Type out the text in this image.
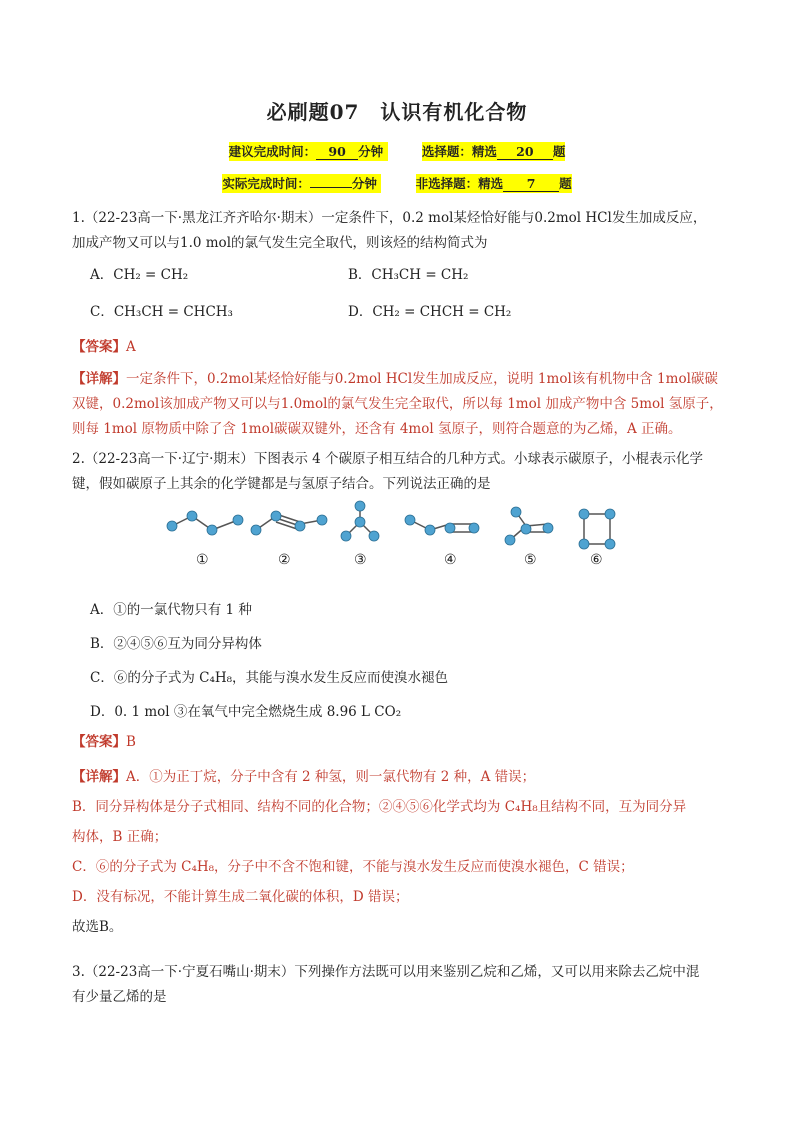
必刷题07　认识有机化合物
建议完成时间： 90 分钟	选择题：精选 20 题
实际完成时间：	分钟	非选择题：精选 7 题
1.（22-23高一下·黑龙江齐齐哈尔·期末）一定条件下，0.2 mol某烃恰好能与0.2mol HCl发生加成反应，
加成产物又可以与1.0 mol的氯气发生完全取代，则该烃的结构简式为
A．CH₂ = CH₂	B．CH₃CH = CH₂
C．CH₃CH = CHCH₃	D．CH₂ = CHCH = CH₂
【答案】A
【详解】一定条件下，0.2mol某烃恰好能与0.2mol HCl发生加成反应，说明 1mol该有机物中含 1mol碳碳
双键，0.2mol该加成产物又可以与1.0mol的氯气发生完全取代，所以每 1mol 加成产物中含 5mol 氢原子，
则每 1mol 原物质中除了含 1mol碳碳双键外，还含有 4mol 氢原子，则符合题意的为乙烯，A 正确。
2.（22-23高一下·辽宁·期末）下图表示 4 个碳原子相互结合的几种方式。小球表示碳原子，小棍表示化学
键，假如碳原子上其余的化学键都是与氢原子结合。下列说法正确的是
①	②	③	④	⑤	⑥
A．①的一氯代物只有 1 种
B．②④⑤⑥互为同分异构体
C．⑥的分子式为 C₄H₈，其能与溴水发生反应而使溴水褪色
D．0. 1 mol ③在氧气中完全燃烧生成 8.96 L CO₂
【答案】B
【详解】A．①为正丁烷，分子中含有 2 种氢，则一氯代物有 2 种，A 错误；
B．同分异构体是分子式相同、结构不同的化合物；②④⑤⑥化学式均为 C₄H₈且结构不同，互为同分异
构体，B 正确；
C．⑥的分子式为 C₄H₈，分子中不含不饱和键，不能与溴水发生反应而使溴水褪色，C 错误；
D．没有标况，不能计算生成二氧化碳的体积，D 错误；
故选B。
3.（22-23高一下·宁夏石嘴山·期末）下列操作方法既可以用来鉴别乙烷和乙烯，又可以用来除去乙烷中混
有少量乙烯的是
